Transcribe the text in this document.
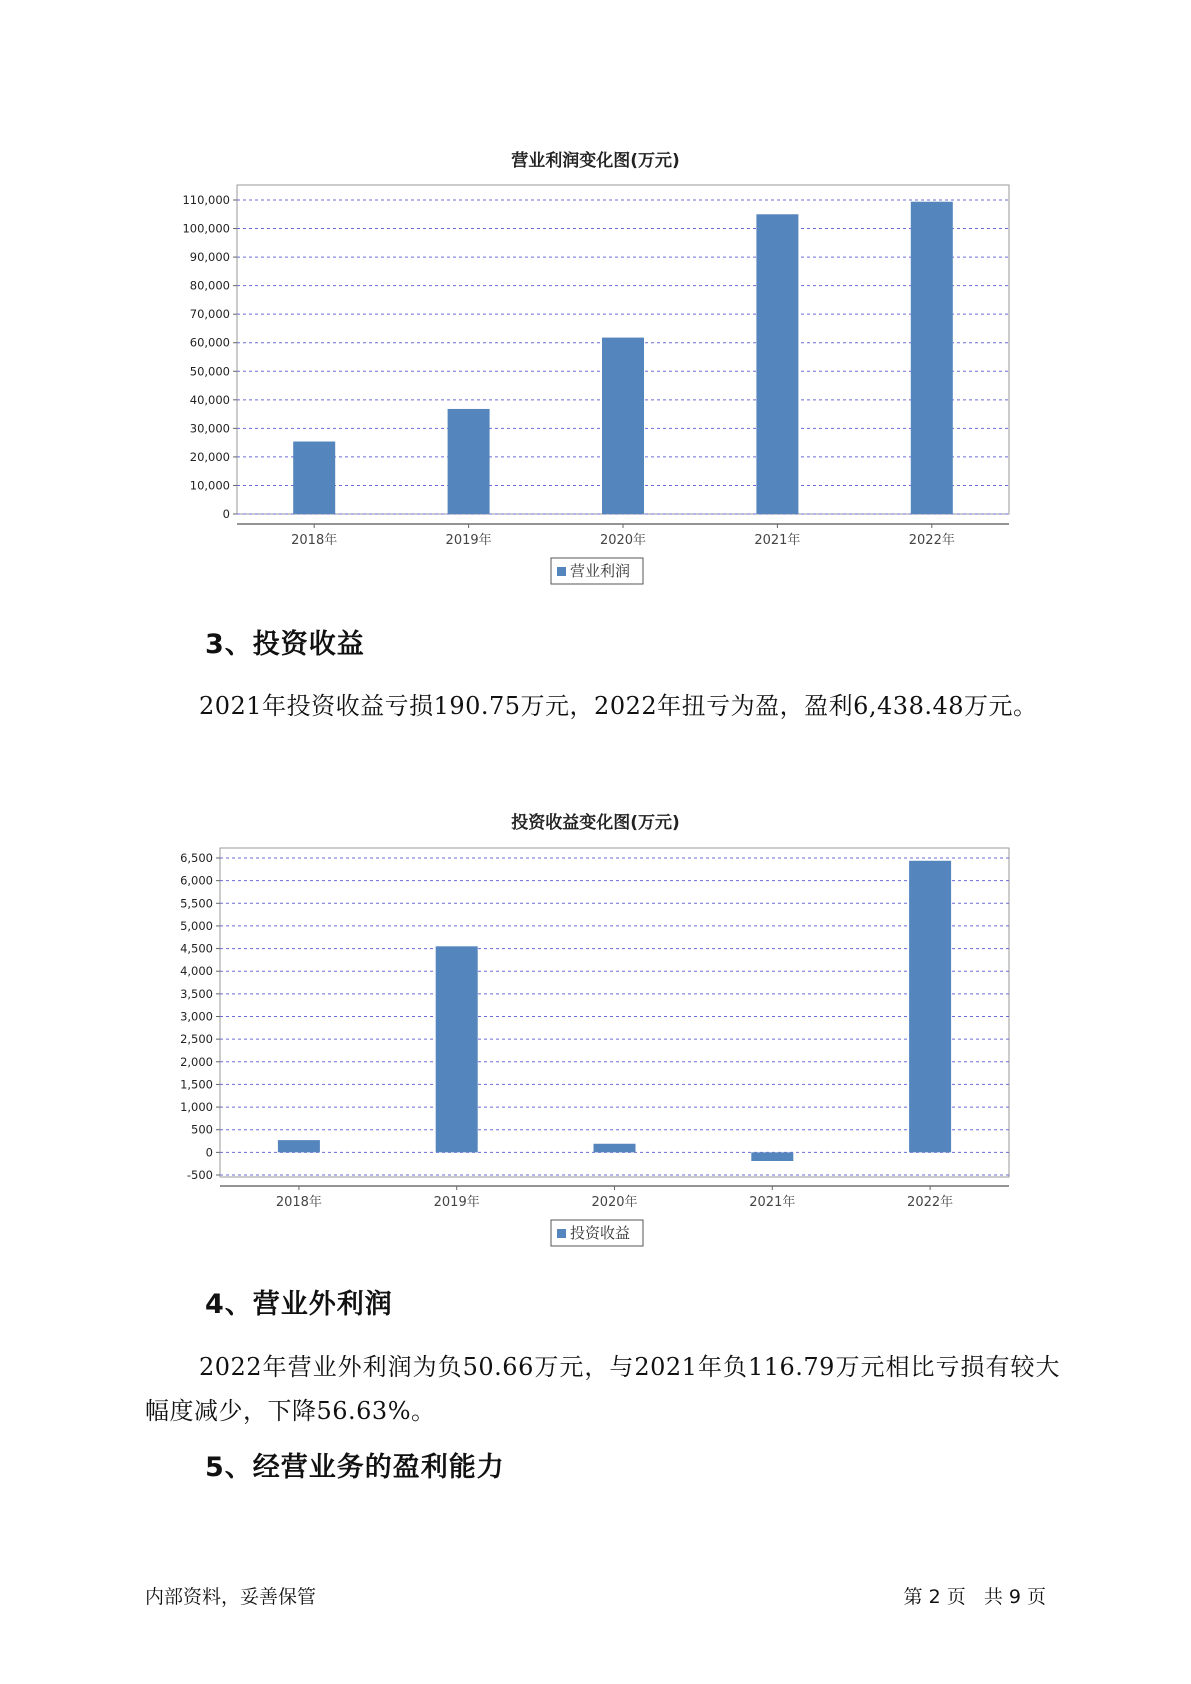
营业利润变化图(万元)
0
10,000
20,000
30,000
40,000
50,000
60,000
70,000
80,000
90,000
100,000
110,000
2018年	2019年	2020年	2021年	2022年
营业利润
3、投资收益
2021年投资收益亏损190.75万元，2022年扭亏为盈，盈利6,438.48万元。
投资收益变化图(万元)
-500
0
500
1,000
1,500
2,000
2,500
3,000
3,500
4,000
4,500
5,000
5,500
6,000
6,500
2018年	2019年	2020年	2021年	2022年
投资收益
4、营业外利润
2022年营业外利润为负50.66万元，与2021年负116.79万元相比亏损有较大幅度减少，下降56.63%。
5、经营业务的盈利能力
内部资料，妥善保管	第 2 页   共 9 页
